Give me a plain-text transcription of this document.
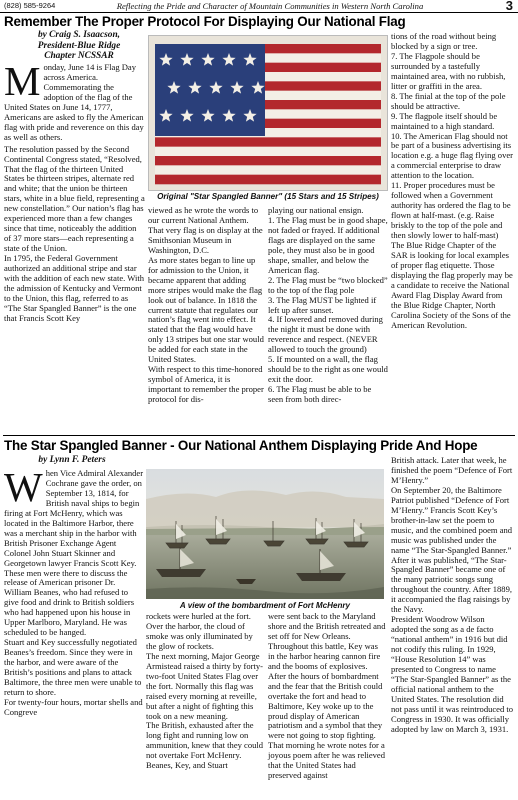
(828) 585-9264	Reflecting the Pride and Character of Mountain Communities in Western North Carolina	3
Remember The Proper Protocol For Displaying Our National Flag
by Craig S. Isaacson,
President-Blue Ridge
Chapter NCSSAR
Original "Star Spangled Banner" (15 Stars and 15 Stripes)

Monday, June 14 is Flag Day across America. Commemorating the adoption of the flag of the United States on June 14, 1777, Americans are asked to fly the American flag with pride and reverence on this day as well as others.

The resolution passed by the Second Continental Congress stated, “Resolved, That the flag of the thirteen United States be thirteen stripes, alternate red and white; that the union be thirteen stars, white in a blue field, representing a new constellation.” Our nation’s flag has experienced more than a few changes since that time, noticeably the addition of 37 more stars—each representing a state of the Union.

In 1795, the Federal Government authorized an additional stripe and star with the addition of each new state. With the admission of Kentucky and Vermont to the Union, this flag, referred to as “The Star Spangled Banner” is the one that Francis Scott Key

viewed as he wrote the words to our current National Anthem. That very flag is on display at the Smithsonian Museum in Washington, D.C.

As more states began to line up for admission to the Union, it became apparent that adding more stripes would make the flag look out of balance. In 1818 the current statute that regulates our nation’s flag went into effect. It stated that the flag would have only 13 stripes but one star would be added for each state in the United States.

With respect to this time-honored symbol of America, it is important to remember the proper protocol for dis-

playing our national ensign.

1. The Flag must be in good shape, not faded or frayed. If additional flags are displayed on the same pole, they must also be in good shape, smaller, and below the American flag.

2. The Flag must be “two blocked” to the top of the flag pole

3. The Flag MUST be lighted if left up after sunset.

4. If lowered and removed during the night it must be done with reverence and respect. (NEVER allowed to touch the ground)

5. If mounted on a wall, the flag should be to the right as one would exit the door.

6. The Flag must be able to be seen from both direc-

tions of the road without being blocked by a sign or tree.

7. The Flagpole should be surrounded by a tastefully maintained area, with no rubbish, litter or graffiti in the area.

8. The finial at the top of the pole should be attractive.

9. The flagpole itself should be maintained to a high standard.

10. The American Flag should not be part of a business advertising its location e.g. a huge flag flying over a commercial enterprise to draw attention to the location.

11. Proper procedures must be followed when a Government authority has ordered the flag to be flown at half-mast. (e.g. Raise briskly to the top of the pole and then slowly lower to half-mast)

The Blue Ridge Chapter of the SAR is looking for local examples of proper flag etiquette. Those displaying the flag properly may be a candidate to receive the National Award Flag Display Award from the Blue Ridge Chapter, North Carolina Society of the Sons of the American Revolution.

The Star Spangled Banner - Our National Anthem Displaying Pride And Hope
by Lynn F. Peters
A view of the bombardment of Fort McHenry

When Vice Admiral Alexander Cochrane gave the order, on September 13, 1814, for British naval ships to begin firing at Fort McHenry, which was located in the Baltimore Harbor, there was a merchant ship in the harbor with British Prisoner Exchange Agent Colonel John Stuart Skinner and Georgetown lawyer Francis Scott Key. These men were there to discuss the release of American prisoner Dr. William Beanes, who had refused to give food and drink to British soldiers who had happened upon his house in Upper Marlboro, Maryland. He was scheduled to be hanged.

Stuart and Key successfully negotiated Beanes’s freedom. Since they were in the harbor, and were aware of the British’s positions and plans to attack Baltimore, the three men were unable to return to shore.

For twenty-four hours, mortar shells and Congreve

rockets were hurled at the fort. Over the harbor, the cloud of smoke was only illuminated by the glow of rockets.

The next morning, Major George Armistead raised a thirty by forty-two-foot United States Flag over the fort. Normally this flag was raised every morning at reveille, but after a night of fighting this took on a new meaning.

The British, exhausted after the long fight and running low on ammunition, knew that they could not overtake Fort McHenry. Beanes, Key, and Stuart

were sent back to the Maryland shore and the British retreated and set off for New Orleans.

Throughout this battle, Key was in the harbor hearing cannon fire and the booms of explosives. After the hours of bombardment and the fear that the British could overtake the fort and head to Baltimore, Key woke up to the proud display of American patriotism and a symbol that they were not going to stop fighting. That morning he wrote notes for a joyous poem after he was relieved that the United States had preserved against

British attack. Later that week, he finished the poem “Defence of Fort M’Henry.”

On September 20, the Baltimore Patriot published “Defence of Fort M’Henry.” Francis Scott Key’s brother-in-law set the poem to music, and the combined poem and music was published under the name “The Star-Spangled Banner.”

After it was published, “The Star-Spangled Banner” became one of the many patriotic songs sung throughout the country. After 1889, it accompanied the flag raisings by the Navy.

President Woodrow Wilson adopted the song as a de facto “national anthem” in 1916 but did not codify this ruling. In 1929, “House Resolution 14” was presented to Congress to name “The Star-Spangled Banner” as the official national anthem to the United States. The resolution did not pass until it was reintroduced to Congress in 1930. It was officially adopted by law on March 3, 1931.
